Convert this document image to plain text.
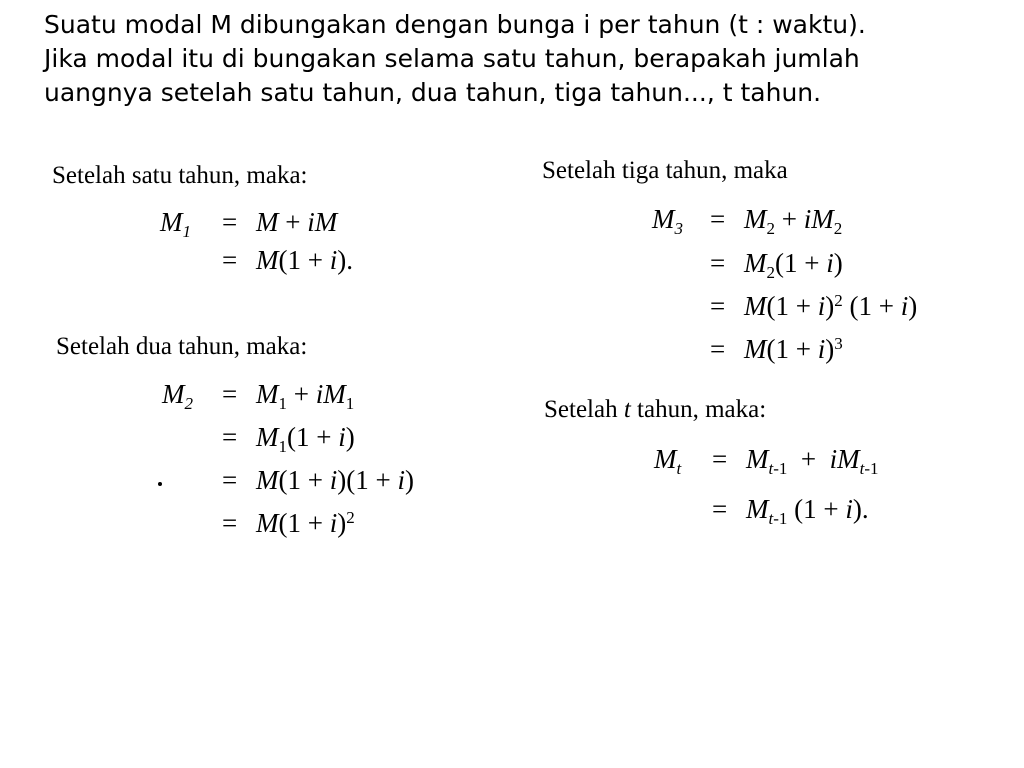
Suatu modal M dibungakan dengan bunga i per tahun (t : waktu).
Jika modal itu di bungakan selama satu tahun, berapakah jumlah
uangnya setelah satu tahun, dua tahun, tiga tahun..., t tahun.
Setelah satu tahun, maka:
$M_1 = M$ + iM
= M(1 + i).
Setelah dua tahun, maka:
$M_2 = M_1 + iM_1$
= $M_1(1 + i)$
= M(1 + i)(1 + i)
= $M(1 + i)^2$
Setelah tiga tahun, maka
$M_3 = M_2 + iM_2$
= $M_2(1 + i)$
= $M(1 + i)^2$ (1 + i)
= $M(1 + i)^3$
Setelah t tahun, maka:
$M_t = M_{t-1} + iM_{t-1}$
= $M_{t-1}$ (1 + i).
